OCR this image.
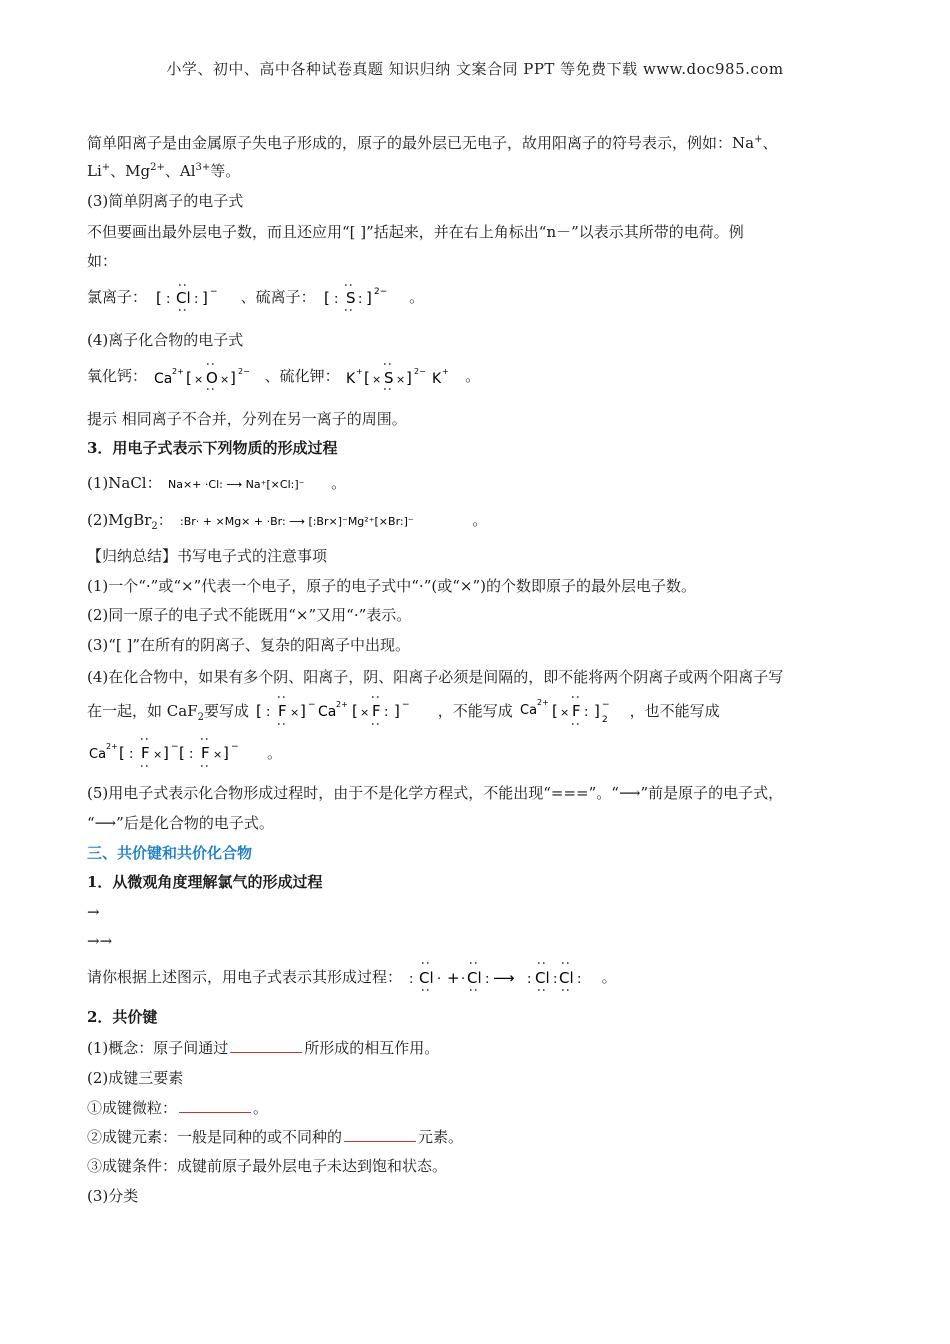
小学、初中、高中各种试卷真题 知识归纳 文案合同 PPT 等免费下载 www.doc985.com
简单阳离子是由金属原子失电子形成的，原子的最外层已无电子，故用阳离子的符号表示，例如：Na+、
Li+、$Mg^{2+}$、$Al^{3+}$等。
(3)简单阴离子的电子式
不但要画出最外层电子数，而且还应用“[ ]”括起来，并在右上角标出“n－”以表示其所带的电荷。例
如：
氯离子： [ : Cl :
:
:
] − 、硫离子： [ : S :
:
:
] 2− 。
(4)离子化合物的电子式
氧化钙： Ca 2+ [ × O ×
:
:
] 2− 、硫化钾： K + [ × S ×
:
:
] 2− K + 。
提示 相同离子不合并，分列在另一离子的周围。
3．用电子式表示下列物质的形成过程
(1)NaCl： Na×+ ·Cl: ⟶ Na⁺[×Cl:]⁻ 。
(2)MgBr$_2$： :Br· + ×Mg× + ·Br: ⟶ [:Br×]⁻Mg²⁺[×Br:]⁻	。
【归纳总结】书写电子式的注意事项
(1)一个“·”或“×”代表一个电子，原子的电子式中“·”(或“×”)的个数即原子的最外层电子数。
(2)同一原子的电子式不能既用“×”又用“·”表示。
(3)“[ ]”在所有的阴离子、复杂的阳离子中出现。
(4)在化合物中，如果有多个阴、阳离子，阴、阳离子必须是间隔的，即不能将两个阴离子或两个阳离子写
在一起，如 CaF$_2$要写成 [ : F ×
:
:
] − Ca 2+ [ × F :
:
:
] − ，不能写成 Ca
2+ [ × F :
:
:
] −
2 ，也不能写成
Ca
2+ [ : F ×
:
:
] − [ : F ×
:
:
] − 。
(5)用电子式表示化合物形成过程时，由于不是化学方程式，不能出现“===”。“⟶”前是原子的电子式，
“⟶”后是化合物的电子式。
三、共价键和共价化合物
1．从微观角度理解氯气的形成过程
→
→→
请你根据上述图示，用电子式表示其形成过程： : Cl ·
:
:
+ · Cl :
:
:
⟶ : Cl : Cl :
:
:
:
:
。
2．共价键
(1)概念：原子间通过	所形成的相互作用。
(2)成键三要素
①成键微粒：	。
②成键元素：一般是同种的或不同种的	元素。
③成键条件：成键前原子最外层电子未达到饱和状态。
(3)分类
